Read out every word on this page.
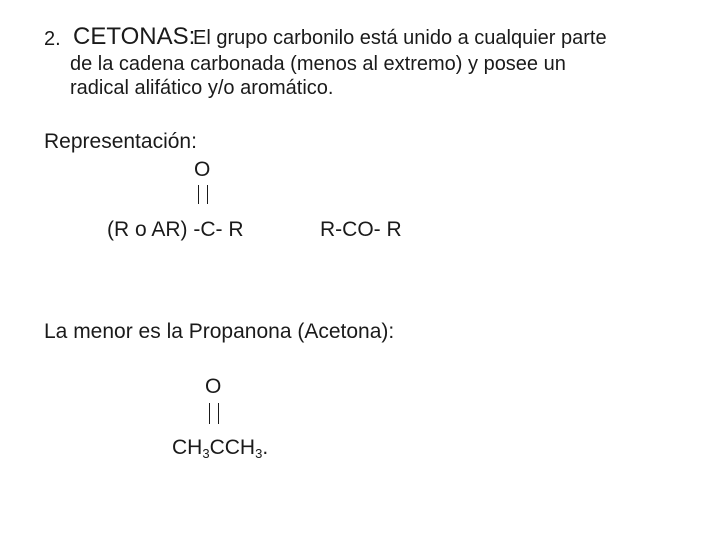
2. CETONAS:
El grupo carbonilo está unido a cualquier parte
de la cadena carbonada (menos al extremo) y posee un
radical alifático y/o aromático.
Representación:
O
(R o AR) -C- R	R-CO- R
La menor es la Propanona (Acetona):
O
$CH_3CCH_3$.
